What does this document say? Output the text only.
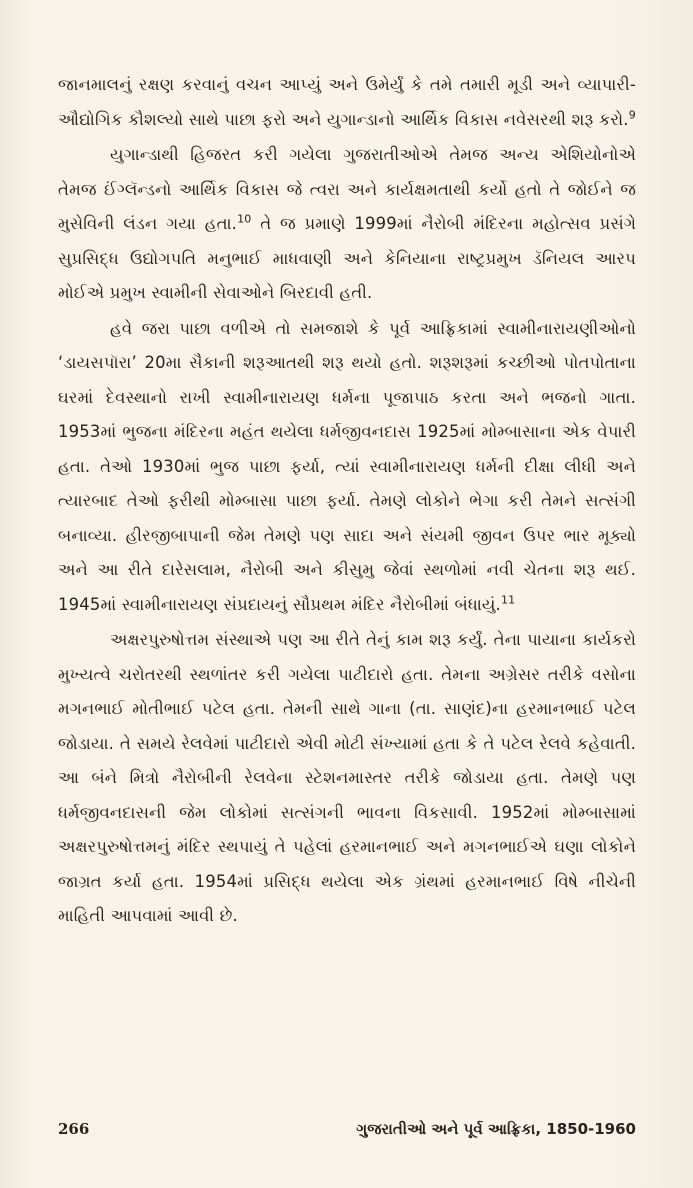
જાનમાલનું રક્ષણ કરવાનું વચન આપ્યું અને ઉમેર્યું કે તમે તમારી મૂડી અને વ્યાપારી-ઔદ્યોગિક કૌશલ્યો સાથે પાછા ફરો અને યુગાન્ડાનો આર્થિક વિકાસ નવેસરથી શરૂ કરો.$^9$

યુગાન્ડાથી હિજરત કરી ગયેલા ગુજરાતીઓએ તેમજ અન્ય એશિયોનોએ તેમજ ઈંગ્લૅન્ડનો આર્થિક વિકાસ જે ત્વરા અને કાર્યક્ષમતાથી કર્યો હતો તે જોઈને જ મુસેવિની લંડન ગયા હતા.$^{10}$ તે જ પ્રમાણે 1999માં નૈરોબી મંદિરના મહોત્સવ પ્રસંગે સુપ્રસિદ્ધ ઉદ્યોગપતિ મનુભાઈ માધવાણી અને કેનિયાના રાષ્ટ્રપ્રમુખ ડૅનિયલ આરપ મોઈએ પ્રમુખ સ્વામીની સેવાઓને બિરદાવી હતી.

હવે જરા પાછા વળીએ તો સમજાશે કે પૂર્વ આફ્રિકામાં સ્વામીનારાયણીઓનો ‘ડાયસપૉરા’ 20મા સૈકાની શરૂઆતથી શરૂ થયો હતો. શરૂશરૂમાં કચ્છીઓ પોતપોતાના ઘરમાં દેવસ્થાનો રાખી સ્વામીનારાયણ ધર્મના પૂજાપાઠ કરતા અને ભજનો ગાતા. 1953માં ભુજના મંદિરના મહંત થયેલા ધર્મજીવનદાસ 1925માં મોમ્બાસાના એક વેપારી હતા. તેઓ 1930માં ભુજ પાછા ફર્યા, ત્યાં સ્વામીનારાયણ ધર્મની દીક્ષા લીધી અને ત્યારબાદ તેઓ ફરીથી મોમ્બાસા પાછા ફર્યા. તેમણે લોકોને ભેગા કરી તેમને સત્સંગી બનાવ્યા. હીરજીબાપાની જેમ તેમણે પણ સાદા અને સંયમી જીવન ઉપર ભાર મૂક્યો અને આ રીતે દારેસલામ, નૈરોબી અને કીસુમુ જેવાં સ્થળોમાં નવી ચેતના શરૂ થઈ. 1945માં સ્વામીનારાયણ સંપ્રદાયનું સૌપ્રથમ મંદિર નૈરોબીમાં બંધાયું.$^{11}$

અક્ષરપુરુષોત્તમ સંસ્થાએ પણ આ રીતે તેનું કામ શરૂ કર્યું. તેના પાયાના કાર્યકરો મુખ્યત્વે ચરોતરથી સ્થળાંતર કરી ગયેલા પાટીદારો હતા. તેમના અગ્રેસર તરીકે વસોના મગનભાઈ મોતીભાઈ પટેલ હતા. તેમની સાથે ગાના (તા. સાણંદ)ના હરમાનભાઈ પટેલ જોડાયા. તે સમયે રેલવેમાં પાટીદારો એવી મોટી સંખ્યામાં હતા કે તે પટેલ રેલવે કહેવાતી. આ બંને મિત્રો નૈરોબીની રેલવેના સ્ટેશનમાસ્તર તરીકે જોડાયા હતા. તેમણે પણ ધર્મજીવનદાસની જેમ લોકોમાં સત્સંગની ભાવના વિકસાવી. 1952માં મોમ્બાસામાં અક્ષરપુરુષોત્તમનું મંદિર સ્થપાયું તે પહેલાં હરમાનભાઈ અને મગનભાઈએ ઘણા લોકોને જાગ્રત કર્યા હતા. 1954માં પ્રસિદ્ધ થયેલા એક ગ્રંથમાં હરમાનભાઈ વિષે નીચેની માહિતી આપવામાં આવી છે.

266	ગુજરાતીઓ અને પૂર્વ આફ્રિકા, 1850-1960
